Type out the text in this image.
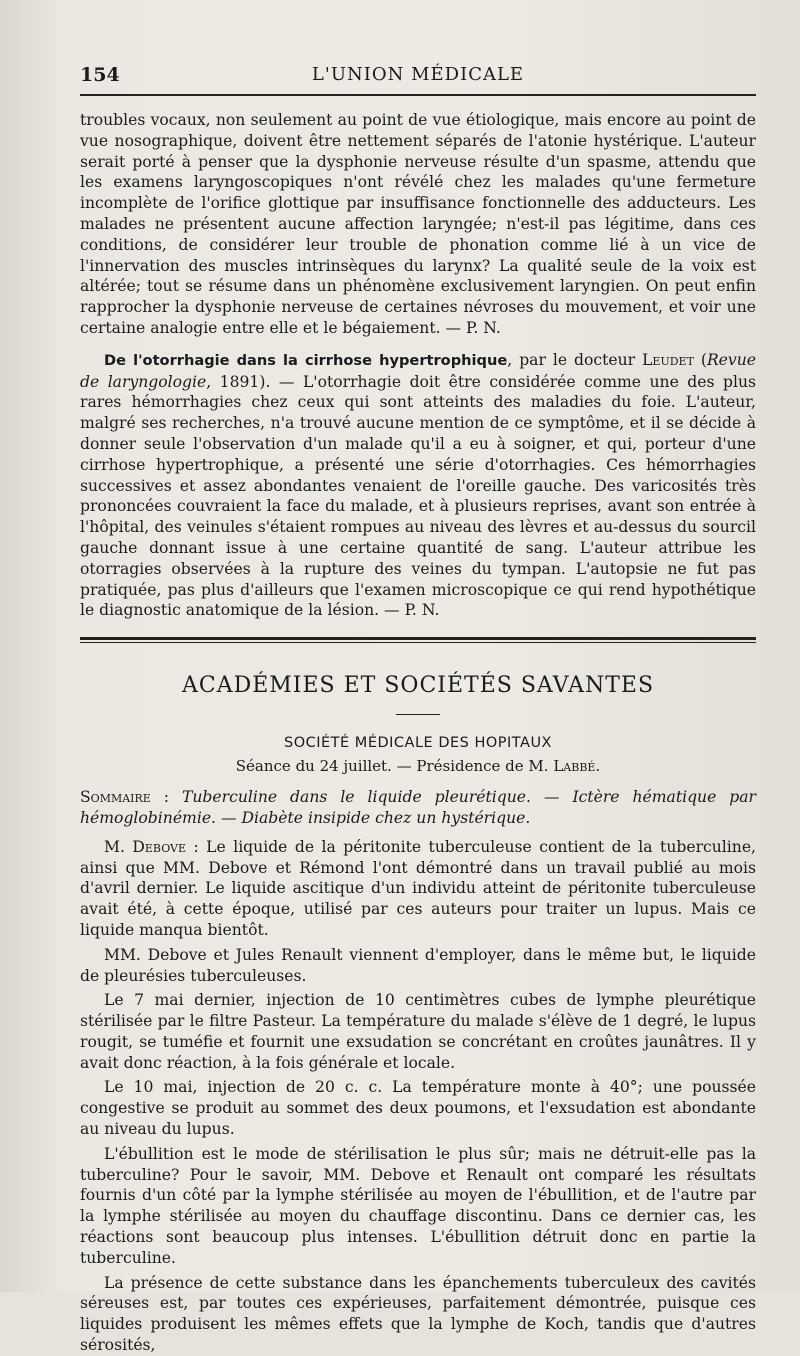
154	L'UNION MÉDICALE

troubles vocaux, non seulement au point de vue étiologique, mais encore au point de vue nosographique, doivent être nettement séparés de l'atonie hystérique. L'auteur serait porté à penser que la dysphonie nerveuse résulte d'un spasme, attendu que les examens laryngoscopiques n'ont révélé chez les malades qu'une fermeture incomplète de l'orifice glottique par insuffisance fonctionnelle des adducteurs. Les malades ne présentent aucune affection laryngée; n'est-il pas légitime, dans ces conditions, de considérer leur trouble de phonation comme lié à un vice de l'innervation des muscles intrinsèques du larynx? La qualité seule de la voix est altérée; tout se résume dans un phénomène exclusivement laryngien. On peut enfin rapprocher la dysphonie nerveuse de certaines névroses du mouvement, et voir une certaine analogie entre elle et le bégaiement. — P. N.

De l'otorrhagie dans la cirrhose hypertrophique, par le docteur Leudet (Revue de laryngologie, 1891). — L'otorrhagie doit être considérée comme une des plus rares hémorrhagies chez ceux qui sont atteints des maladies du foie. L'auteur, malgré ses recherches, n'a trouvé aucune mention de ce symptôme, et il se décide à donner seule l'observation d'un malade qu'il a eu à soigner, et qui, porteur d'une cirrhose hypertrophique, a présenté une série d'otorrhagies. Ces hémorrhagies successives et assez abondantes venaient de l'oreille gauche. Des varicosités très prononcées couvraient la face du malade, et à plusieurs reprises, avant son entrée à l'hôpital, des veinules s'étaient rompues au niveau des lèvres et au-dessus du sourcil gauche donnant issue à une certaine quantité de sang. L'auteur attribue les otorragies observées à la rupture des veines du tympan. L'autopsie ne fut pas pratiquée, pas plus d'ailleurs que l'examen microscopique ce qui rend hypothétique le diagnostic anatomique de la lésion. — P. N.

ACADÉMIES ET SOCIÉTÉS SAVANTES
SOCIÉTÉ MÉDICALE DES HOPITAUX
Séance du 24 juillet. — Présidence de M. Labbé.
Sommaire : Tuberculine dans le liquide pleurétique. — Ictère hématique par hémoglobinémie. — Diabète insipide chez un hystérique.

M. Debove : Le liquide de la péritonite tuberculeuse contient de la tuberculine, ainsi que MM. Debove et Rémond l'ont démontré dans un travail publié au mois d'avril dernier. Le liquide ascitique d'un individu atteint de péritonite tuberculeuse avait été, à cette époque, utilisé par ces auteurs pour traiter un lupus. Mais ce liquide manqua bientôt.

MM. Debove et Jules Renault viennent d'employer, dans le même but, le liquide de pleurésies tuberculeuses.

Le 7 mai dernier, injection de 10 centimètres cubes de lymphe pleurétique stérilisée par le filtre Pasteur. La température du malade s'élève de 1 degré, le lupus rougit, se tuméfie et fournit une exsudation se concrétant en croûtes jaunâtres. Il y avait donc réaction, à la fois générale et locale.

Le 10 mai, injection de 20 c. c. La température monte à 40°; une poussée congestive se produit au sommet des deux poumons, et l'exsudation est abondante au niveau du lupus.

L'ébullition est le mode de stérilisation le plus sûr; mais ne détruit-elle pas la tuberculine? Pour le savoir, MM. Debove et Renault ont comparé les résultats fournis d'un côté par la lymphe stérilisée au moyen de l'ébullition, et de l'autre par la lymphe stérilisée au moyen du chauffage discontinu. Dans ce dernier cas, les réactions sont beaucoup plus intenses. L'ébullition détruit donc en partie la tuberculine.

La présence de cette substance dans les épanchements tuberculeux des cavités séreuses est, par toutes ces expérieuses, parfaitement démontrée, puisque ces liquides produisent les mêmes effets que la lymphe de Koch, tandis que d'autres sérosités,
